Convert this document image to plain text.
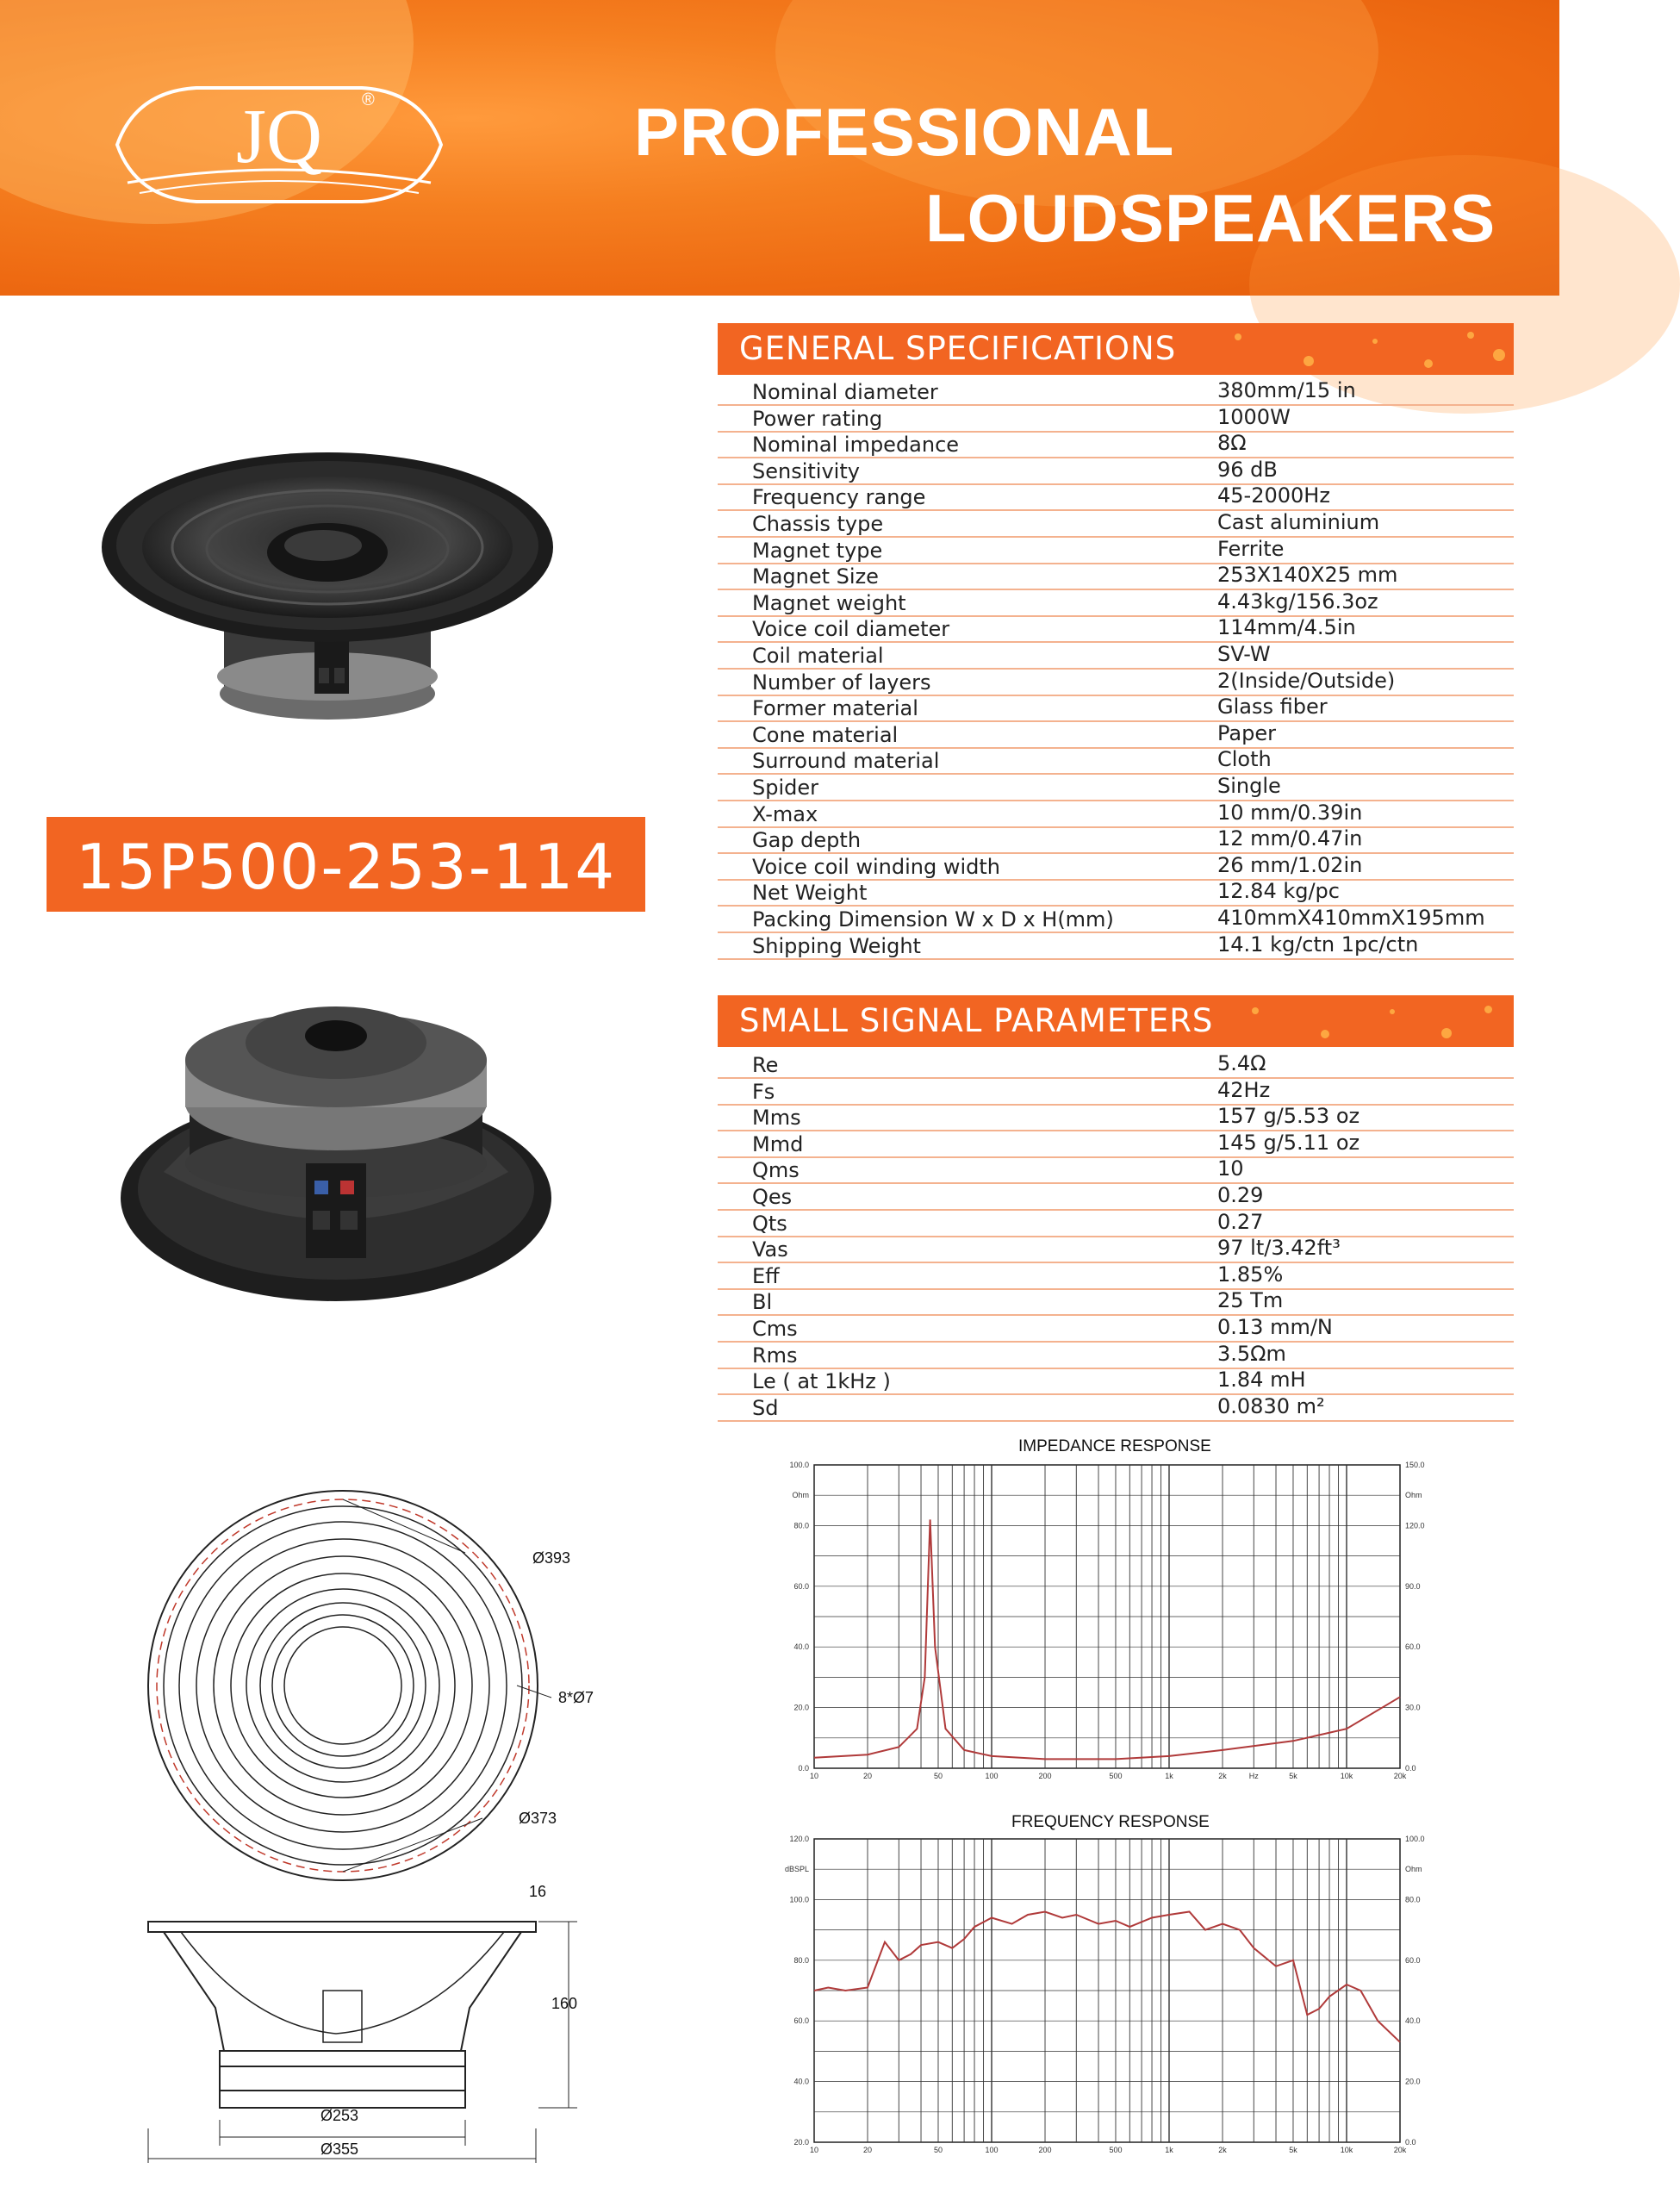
JQ ®	PROFESSIONAL
LOUDSPEAKERS
GENERAL SPECIFICATIONS
Nominal diameter	380mm/15 in
Power rating	1000W
Nominal impedance	8Ω
Sensitivity	96 dB
Frequency range	45-2000Hz
Chassis type	Cast aluminium
Magnet type	Ferrite
Magnet Size	253X140X25 mm
Magnet weight	4.43kg/156.3oz
Voice coil diameter	114mm/4.5in
Coil material	SV-W
Number of layers	2(Inside/Outside)
Former material	Glass fiber
Cone material	Paper
Surround material	Cloth
Spider	Single
X-max	10 mm/0.39in
Gap depth	12 mm/0.47in
Voice coil winding width	26 mm/1.02in
Net Weight	12.84 kg/pc
Packing Dimension W x D x H(mm)	410mmX410mmX195mm
Shipping Weight	14.1 kg/ctn 1pc/ctn
SMALL SIGNAL PARAMETERS
Re	5.4Ω
Fs	42Hz
Mms	157 g/5.53 oz
Mmd	145 g/5.11 oz
Qms	10
Qes	0.29
Qts	0.27
Vas	97 lt/3.42ft³
Eff	1.85%
Bl	25 Tm
Cms	0.13 mm/N
Rms	3.5Ωm
Le ( at 1kHz )	1.84 mH
Sd	0.0830 m²
15P500-253-114
Ø393
8*Ø7
Ø373
16
160
Ø253
Ø355
IMPEDANCE RESPONSE
100.0
Ohm
80.0
60.0
40.0
20.0
0.0
150.0
Ohm
120.0
90.0
60.0
30.0
0.0
10	20	50	100	200	500	1k	2k	Hz	5k	10k	20k
FREQUENCY RESPONSE
120.0
dBSPL
100.0
80.0
60.0
40.0
20.0
100.0
Ohm
80.0
60.0
40.0
20.0
0.0
10	20	50	100	200	500	1k	2k	5k	10k	20k
